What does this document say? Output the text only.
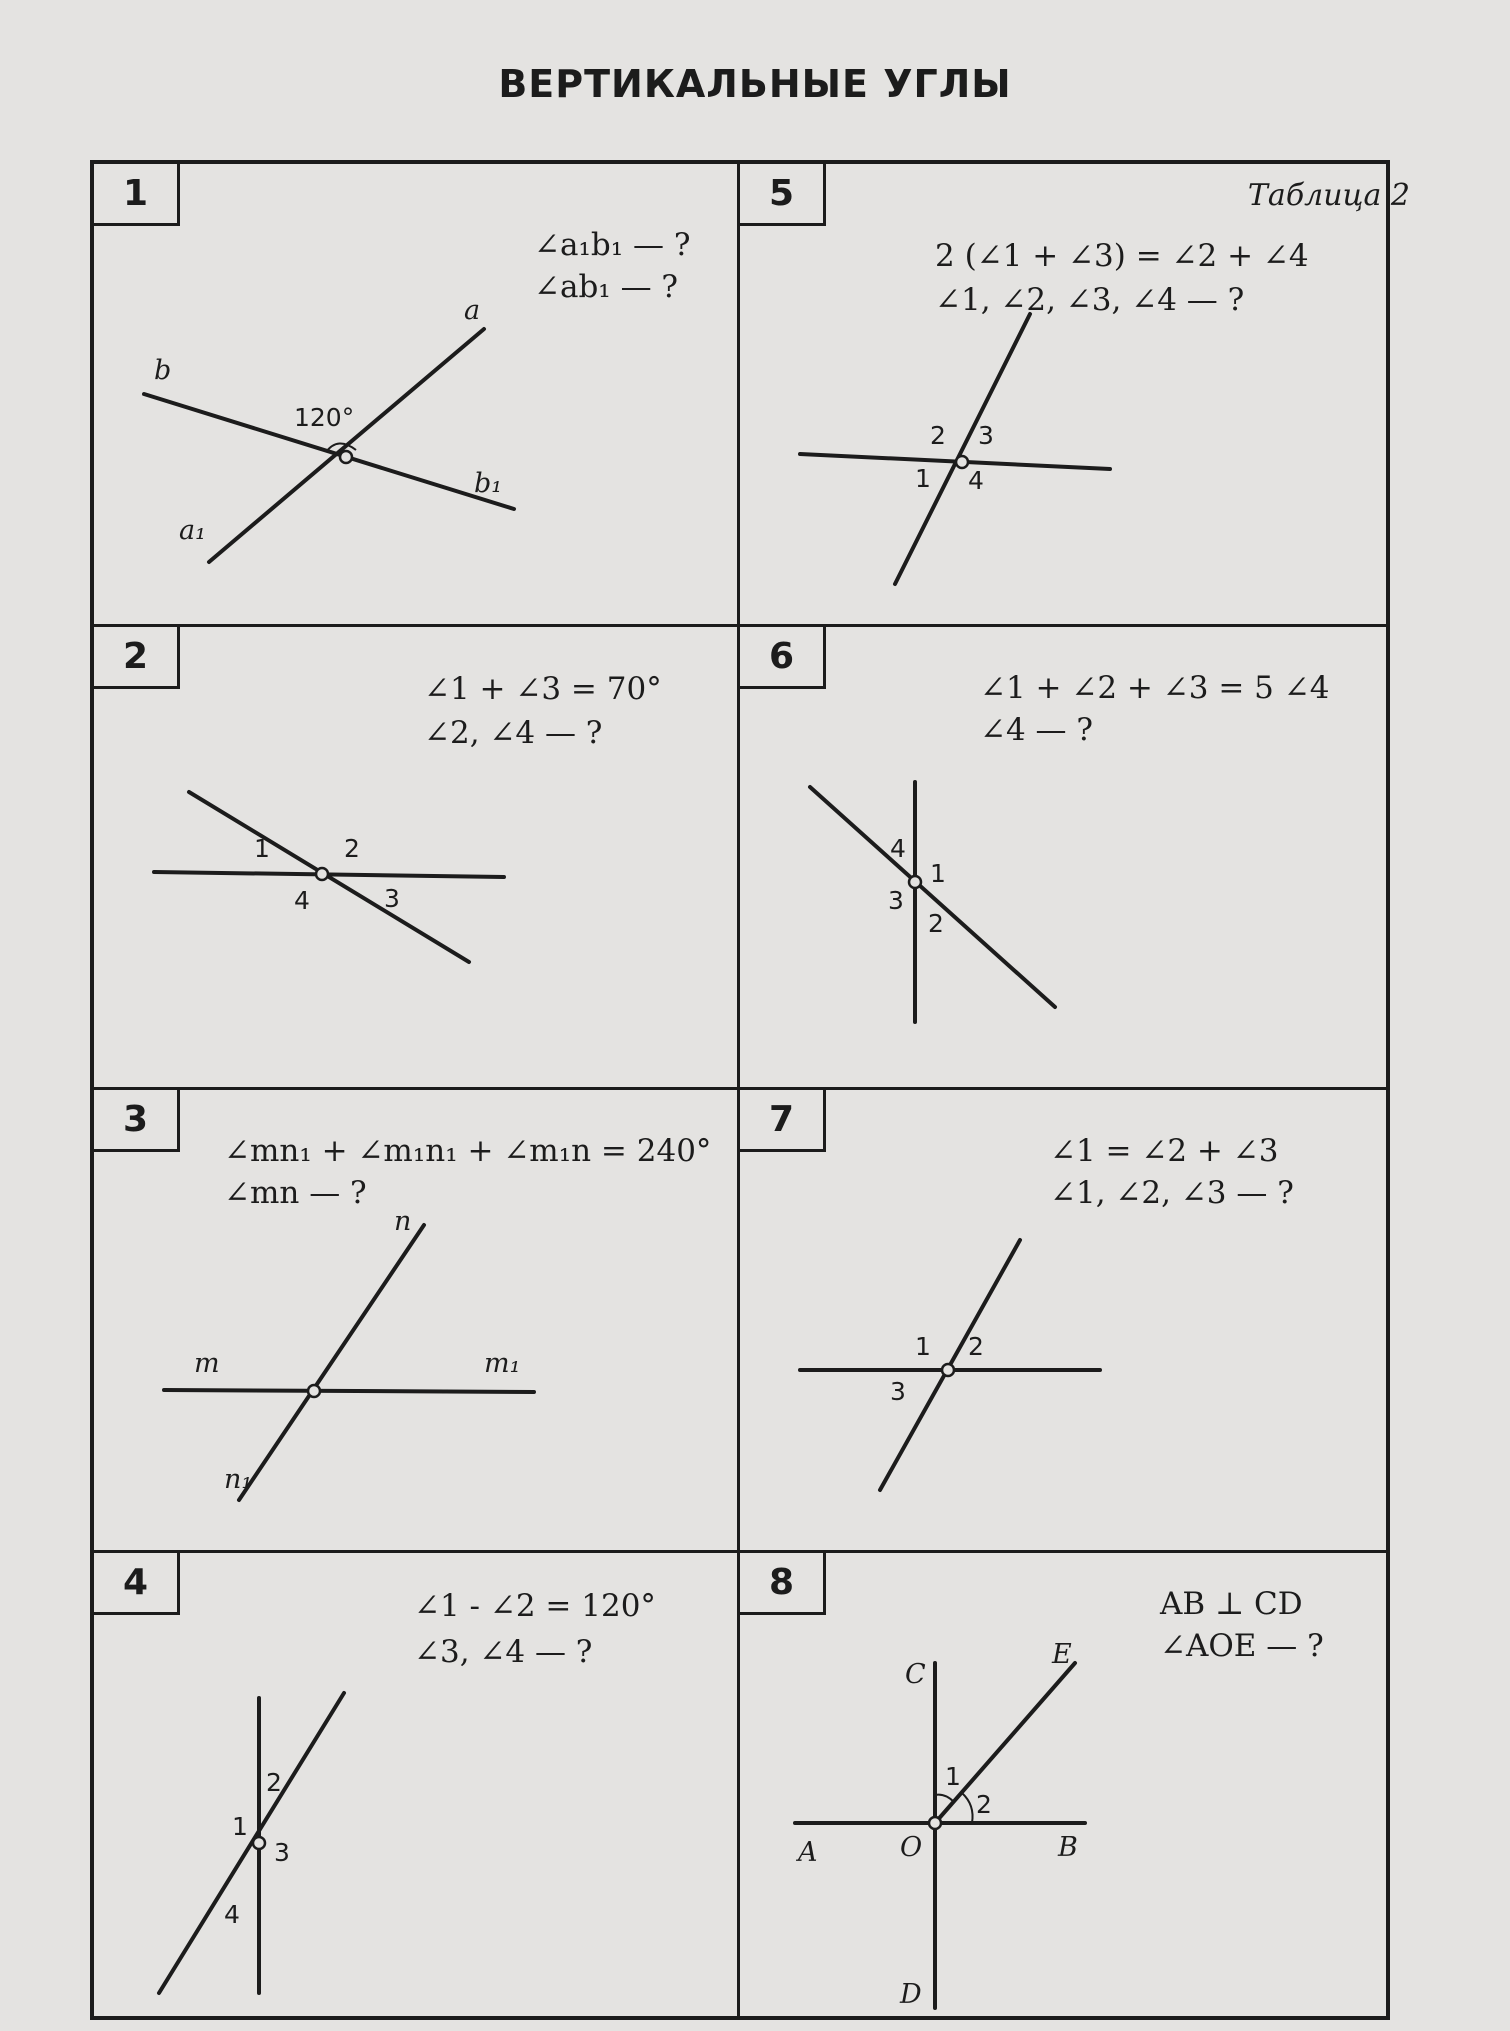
ВЕРТИКАЛЬНЫЕ УГЛЫ
Таблица 2
1
∠a₁b₁ — ?
∠ab₁ — ?
a
b
b₁
a₁
120°
5
2 (∠1 + ∠3) = ∠2 + ∠4
∠1, ∠2, ∠3, ∠4 — ?
2 3
1 4
2
∠1 + ∠3 = 70°
∠2, ∠4 — ?
1	2
4	3
6
∠1 + ∠2 + ∠3 = 5 ∠4
∠4 — ?
4
1
3
2
3
∠mn₁ + ∠m₁n₁ + ∠m₁n = 240°
∠mn — ?
n
m	m₁
n₁
7
∠1 = ∠2 + ∠3
∠1, ∠2, ∠3 — ?
1 2
3
4
∠1 - ∠2 = 120°
∠3, ∠4 — ?
2
1
3
4
8
AB ⊥ CD
∠AOE — ?
C
E
1
2
A	O	B
D
